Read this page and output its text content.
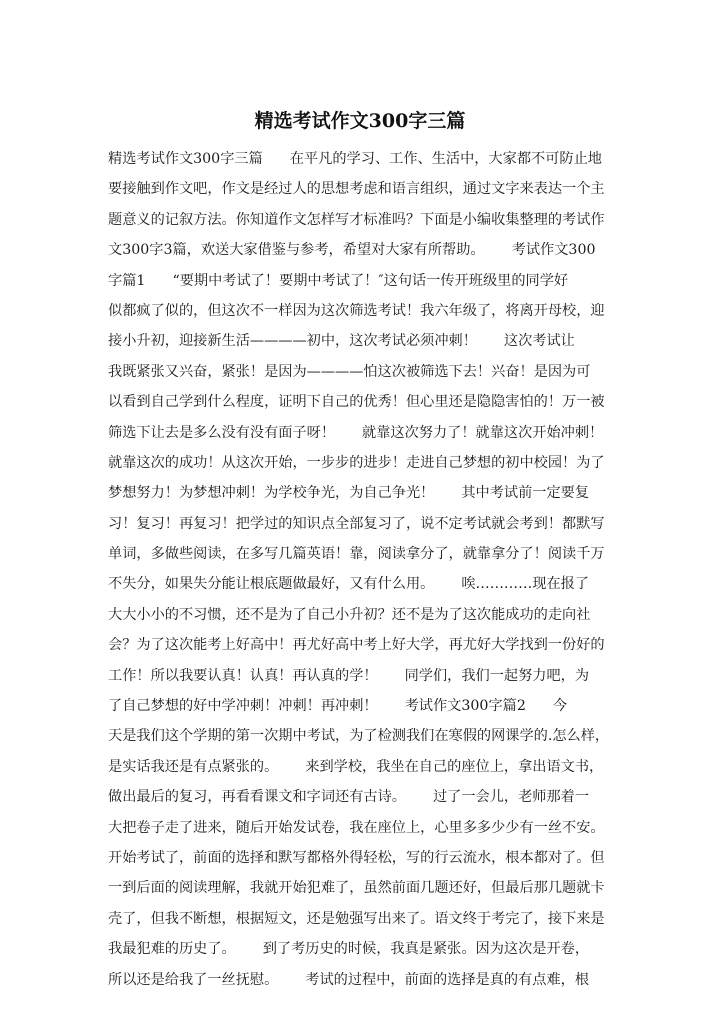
精选考试作文300字三篇
精选考试作文300字三篇      在平凡的学习、工作、生活中，大家都不可防止地
要接触到作文吧，作文是经过人的思想考虑和语言组织，通过文字来表达一个主
题意义的记叙方法。你知道作文怎样写才标准吗？下面是小编收集整理的考试作
文300字3篇，欢送大家借鉴与参考，希望对大家有所帮助。      考试作文300
字篇1      “要期中考试了！要期中考试了！″这句话一传开班级里的同学好
似都疯了似的，但这次不一样因为这次筛选考试！我六年级了，将离开母校，迎
接小升初，迎接新生活————初中，这次考试必须冲刺！      这次考试让
我既紧张又兴奋，紧张！是因为————怕这次被筛选下去！兴奋！是因为可
以看到自己学到什么程度，证明下自己的优秀！但心里还是隐隐害怕的！万一被
筛选下让去是多么没有没有面子呀！      就靠这次努力了！就靠这次开始冲刺！
就靠这次的成功！从这次开始，一步步的进步！走进自己梦想的初中校园！为了
梦想努力！为梦想冲刺！为学校争光，为自己争光！      其中考试前一定要复
习！复习！再复习！把学过的知识点全部复习了，说不定考试就会考到！都默写
单词，多做些阅读，在多写几篇英语！靠，阅读拿分了，就靠拿分了！阅读千万
不失分，如果失分能让根底题做最好，又有什么用。      唉…………现在报了
大大小小的不习惯，还不是为了自己小升初？还不是为了这次能成功的走向社
会？为了这次能考上好高中！再尤好高中考上好大学，再尤好大学找到一份好的
工作！所以我要认真！认真！再认真的学！      同学们，我们一起努力吧，为
了自己梦想的好中学冲刺！冲刺！再冲刺！      考试作文300字篇2      今
天是我们这个学期的第一次期中考试，为了检测我们在寒假的网课学的.怎么样，
是实话我还是有点紧张的。      来到学校，我坐在自己的座位上，拿出语文书，
做出最后的复习，再看看课文和字词还有古诗。      过了一会儿，老师那着一
大把卷子走了进来，随后开始发试卷，我在座位上，心里多多少少有一丝不安。
开始考试了，前面的选择和默写都格外得轻松，写的行云流水，根本都对了。但
一到后面的阅读理解，我就开始犯难了，虽然前面几题还好，但最后那几题就卡
壳了，但我不断想，根据短文，还是勉强写出来了。语文终于考完了，接下来是
我最犯难的历史了。      到了考历史的时候，我真是紧张。因为这次是开卷，
所以还是给我了一丝抚慰。      考试的过程中，前面的选择是真的有点难，根
